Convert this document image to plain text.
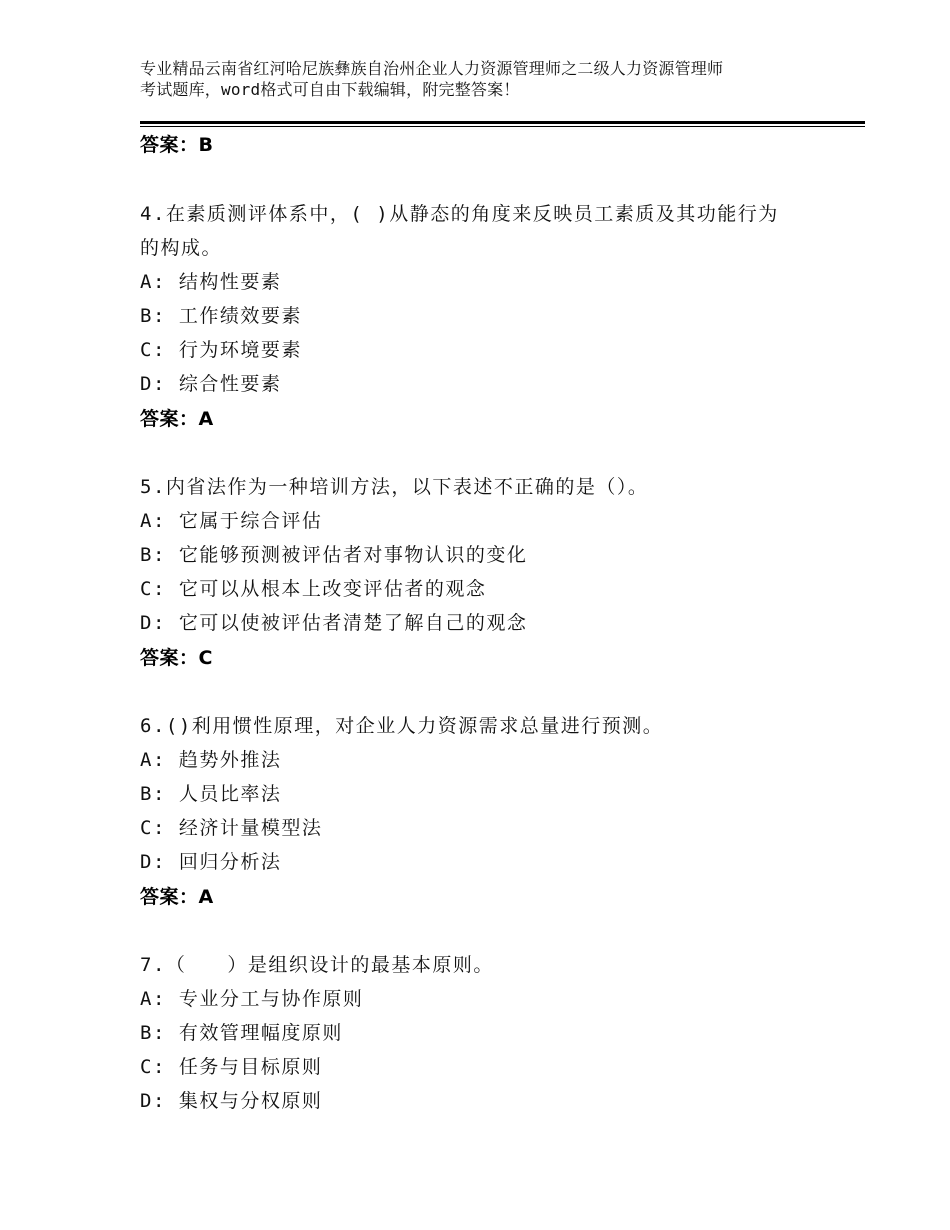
专业精品云南省红河哈尼族彝族自治州企业人力资源管理师之二级人力资源管理师
考试题库，word格式可自由下载编辑，附完整答案！
答案：B
4.在素质测评体系中，( )从静态的角度来反映员工素质及其功能行为
的构成。
A: 结构性要素
B: 工作绩效要素
C: 行为环境要素
D: 综合性要素
答案：A
5.内省法作为一种培训方法，以下表述不正确的是（）。
A: 它属于综合评估
B: 它能够预测被评估者对事物认识的变化
C: 它可以从根本上改变评估者的观念
D: 它可以使被评估者清楚了解自己的观念
答案：C
6.()利用惯性原理，对企业人力资源需求总量进行预测。
A: 趋势外推法
B: 人员比率法
C: 经济计量模型法
D: 回归分析法
答案：A
7.（　　）是组织设计的最基本原则。
A: 专业分工与协作原则
B: 有效管理幅度原则
C: 任务与目标原则
D: 集权与分权原则
